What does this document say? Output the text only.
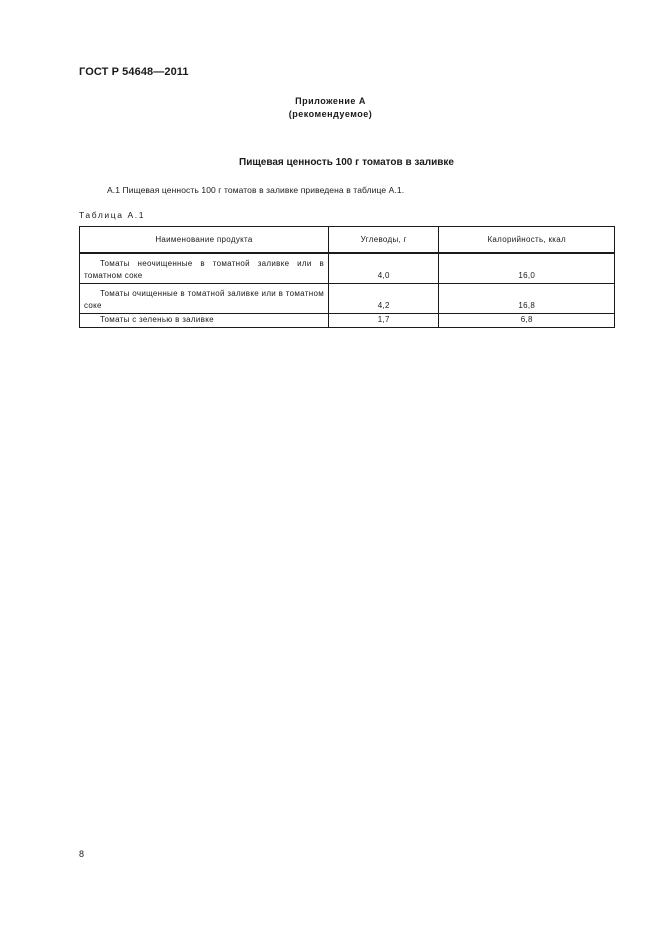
ГОСТ Р 54648—2011
Приложение А
(рекомендуемое)
Пищевая ценность 100 г томатов в заливке
А.1 Пищевая ценность 100 г томатов в заливке приведена в таблице А.1.
Таблица А.1
Наименование продукта	Углеводы, г	Калорийность, ккал

Томаты неочищенные в томатной заливке или в томатном соке	4,0	16,0

Томаты очищенные в томатной заливке или в томатном соке	4,2	16,8
Томаты с зеленью в заливке	1,7	6,8
8
